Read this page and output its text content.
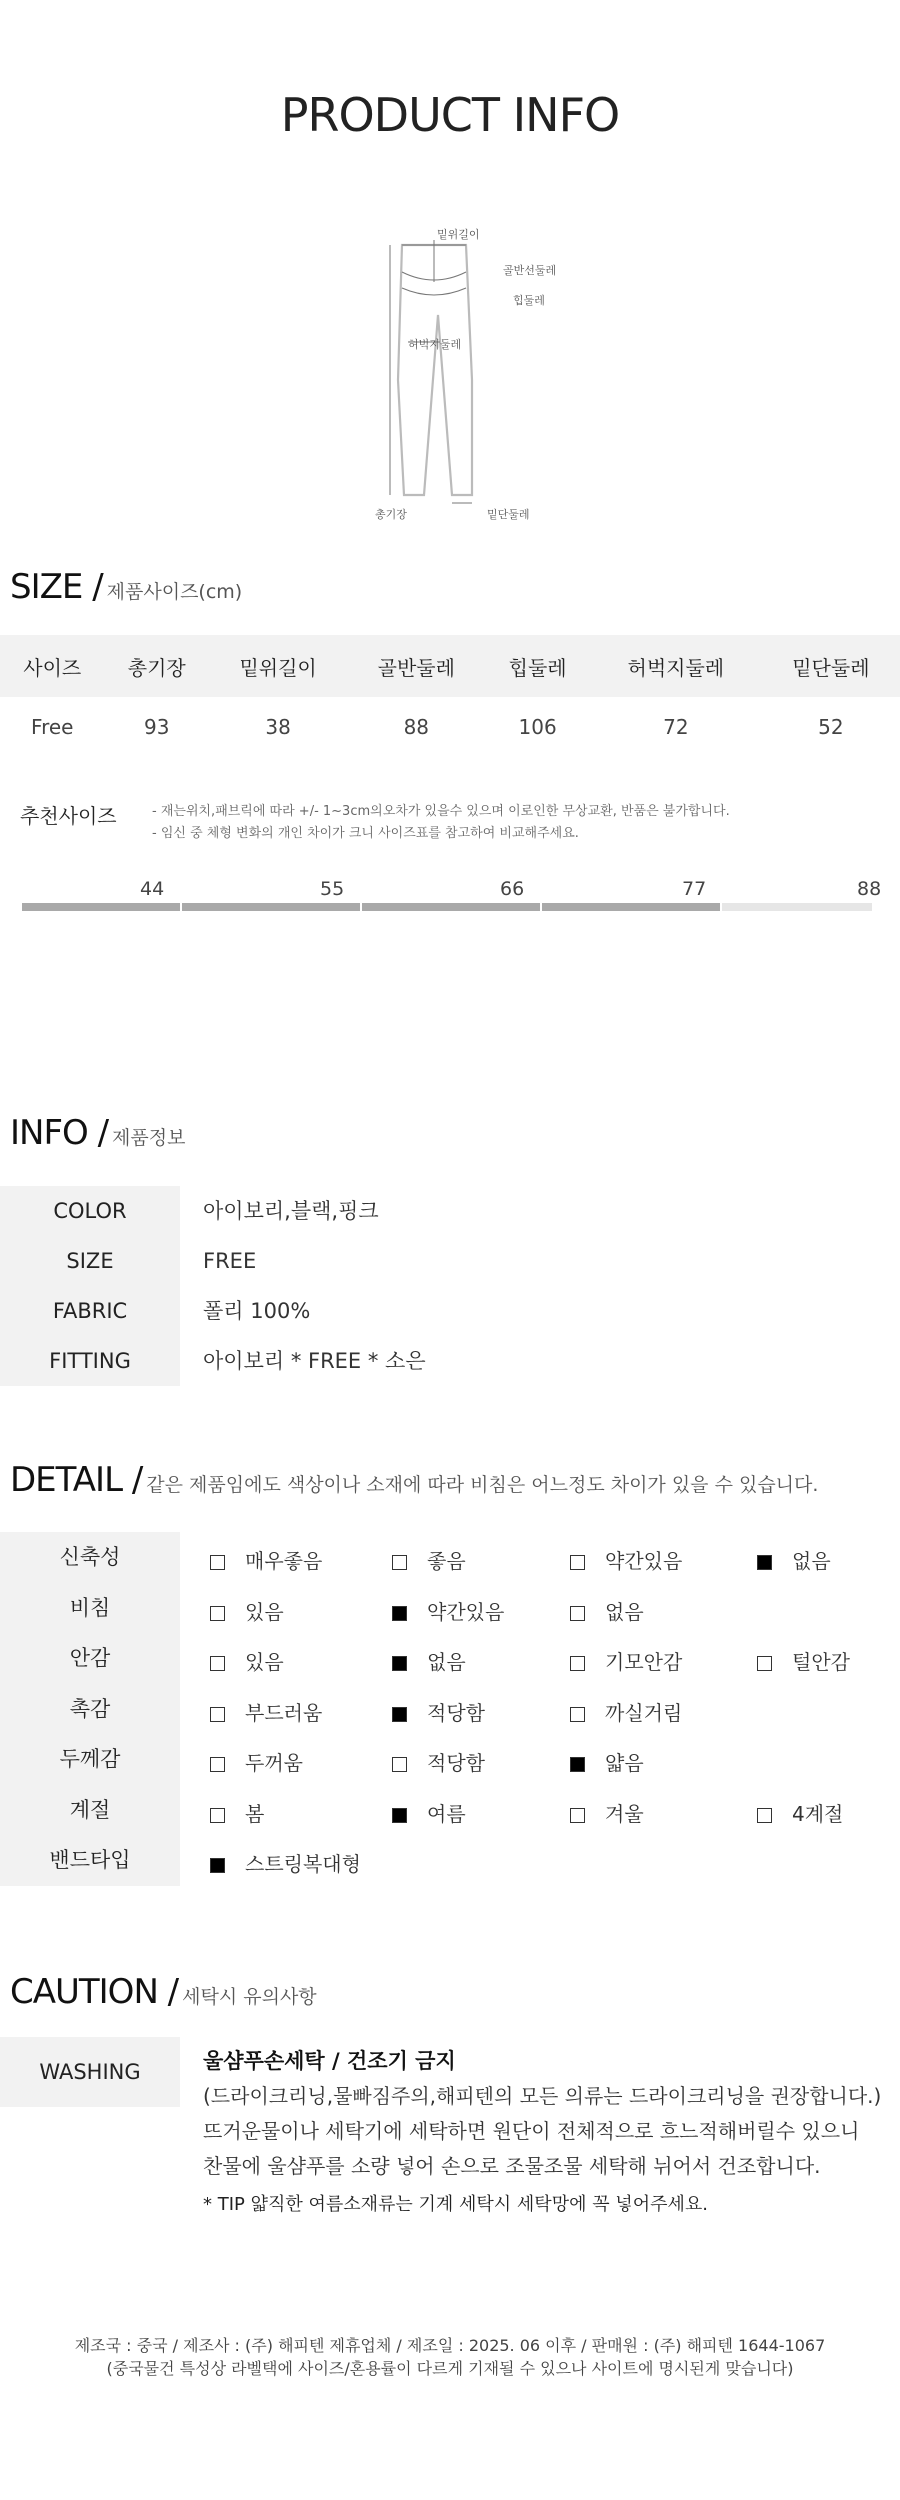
PRODUCT INFO
밑위길이
골반선둘레
힙둘레
허벅지둘레
총기장	밑단둘레
SIZE / 제품사이즈(cm)
사이즈	총기장	밑위길이	골반둘레	힙둘레	허벅지둘레	밑단둘레
Free	93	38	88	106	72	52
추천사이즈	- 재는위치,패브릭에 따라 +/- 1~3cm의오차가 있을수 있으며 이로인한 무상교환, 반품은 불가합니다.
- 임신 중 체형 변화의 개인 차이가 크니 사이즈표를 참고하여 비교해주세요.
44	55	66	77	88
INFO / 제품정보
COLOR	아이보리,블랙,핑크
SIZE	FREE
FABRIC	폴리 100%
FITTING	아이보리 * FREE * 소은
DETAIL / 같은 제품임에도 색상이나 소재에 따라 비침은 어느정도 차이가 있을 수 있습니다.
신축성	매우좋음	좋음	약간있음	없음
비침	있음	약간있음	없음
안감	있음	없음	기모안감	털안감
촉감	부드러움	적당함	까실거림
두께감	두꺼움	적당함	얇음
계절	봄	여름	겨울	4계절
밴드타입	스트링복대형
CAUTION / 세탁시 유의사항
WASHING	울샴푸손세탁 / 건조기 금지
(드라이크리닝,물빠짐주의,해피텐의 모든 의류는 드라이크리닝을 권장합니다.)
뜨거운물이나 세탁기에 세탁하면 원단이 전체적으로 흐느적해버릴수 있으니
찬물에 울샴푸를 소량 넣어 손으로 조물조물 세탁해 뉘어서 건조합니다.
* TIP 얇직한 여름소재류는 기계 세탁시 세탁망에 꼭 넣어주세요.
제조국 : 중국 / 제조사 : (주) 해피텐 제휴업체 / 제조일 : 2025. 06 이후 / 판매원 : (주) 해피텐 1644-1067
(중국물건 특성상 라벨택에 사이즈/혼용률이 다르게 기재될 수 있으나 사이트에 명시된게 맞습니다)
